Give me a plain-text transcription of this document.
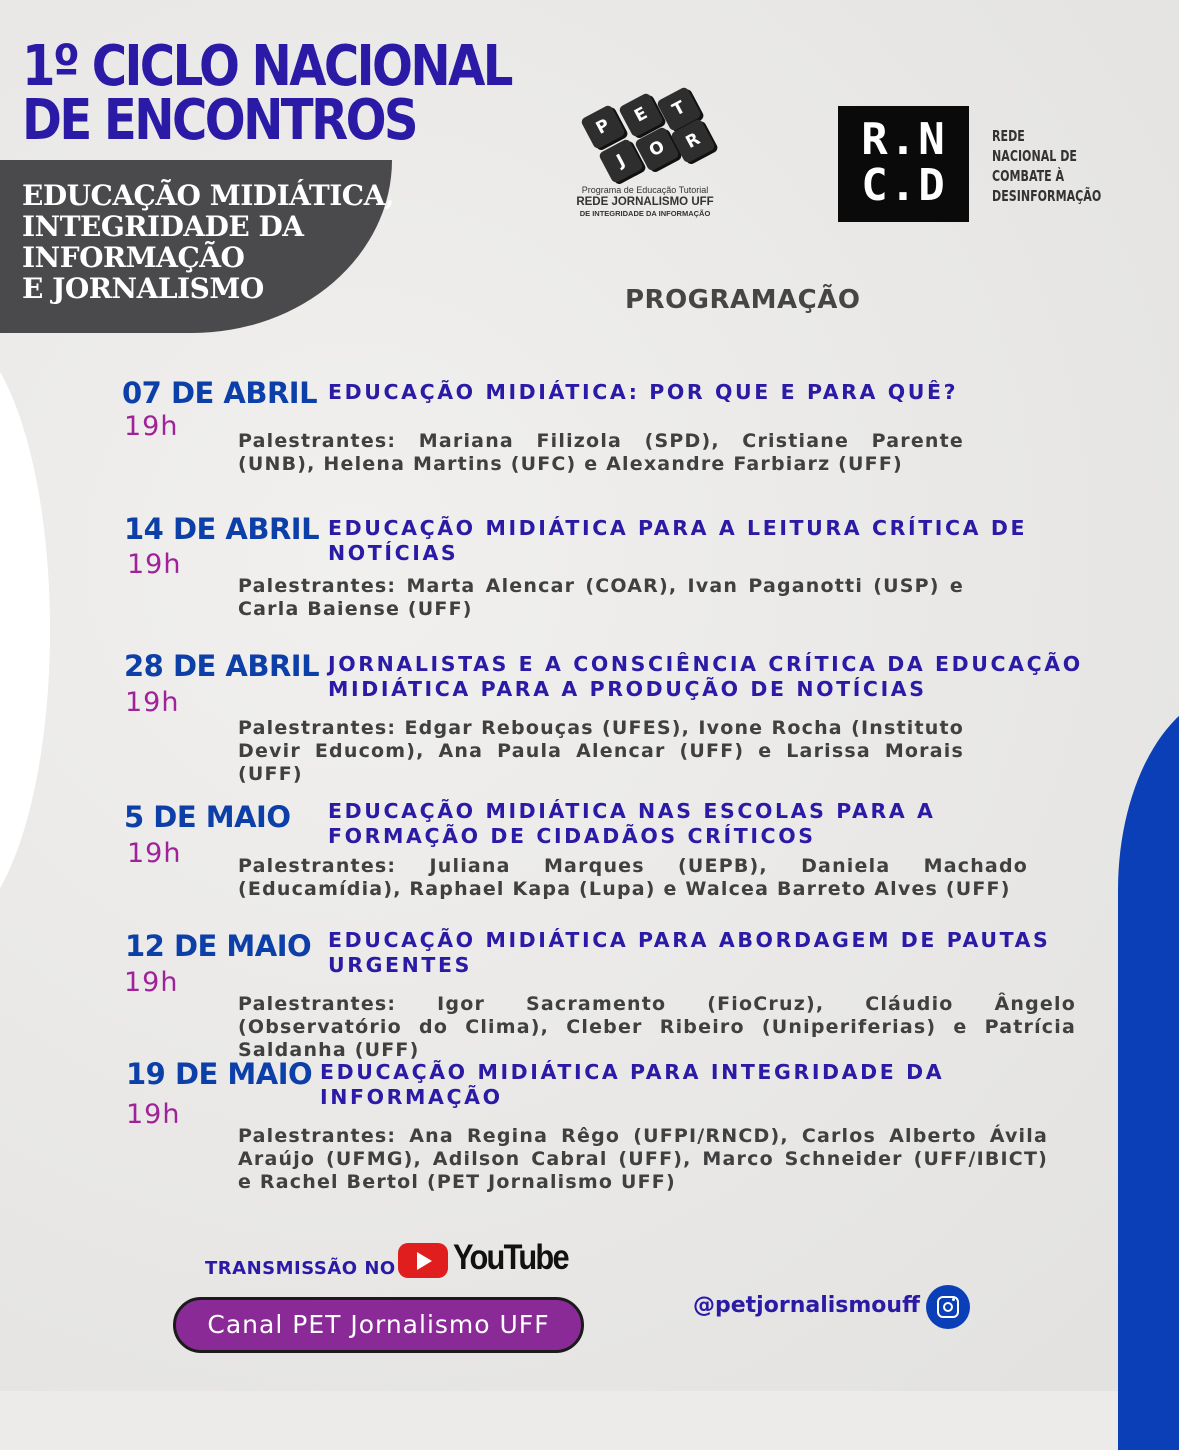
1º CICLO NACIONAL
DE ENCONTROS

EDUCAÇÃO MIDIÁTICA,
INTEGRIDADE DA
INFORMAÇÃO
E JORNALISMO

P
E	T
J	O R
Programa de Educação Tutorial
REDE JORNALISMO UFF
DE INTEGRIDADE DA INFORMAÇÃO
R.N
C.D

REDE
NACIONAL DE
COMBATE À
DESINFORMAÇÃO

PROGRAMAÇÃO
07 DE ABRIL
19h

EDUCAÇÃO MIDIÁTICA: POR QUE E PARA QUÊ?

Palestrantes: Mariana Filizola (SPD), Cristiane Parente (UNB), Helena Martins (UFC) e Alexandre Farbiarz (UFF)

14 DE ABRIL
19h

EDUCAÇÃO MIDIÁTICA PARA A LEITURA CRÍTICA DE NOTÍCIAS

Palestrantes: Marta Alencar (COAR), Ivan Paganotti (USP) e Carla Baiense (UFF)

28 DE ABRIL
19h

JORNALISTAS E A CONSCIÊNCIA CRÍTICA DA EDUCAÇÃO MIDIÁTICA PARA A PRODUÇÃO DE NOTÍCIAS

Palestrantes: Edgar Rebouças (UFES), Ivone Rocha (Instituto Devir Educom), Ana Paula Alencar (UFF) e Larissa Morais (UFF)

5 DE MAIO
19h

EDUCAÇÃO MIDIÁTICA NAS ESCOLAS PARA A FORMAÇÃO DE CIDADÃOS CRÍTICOS

Palestrantes: Juliana Marques (UEPB), Daniela Machado (Educamídia), Raphael Kapa (Lupa) e Walcea Barreto Alves (UFF)

12 DE MAIO
19h

EDUCAÇÃO MIDIÁTICA PARA ABORDAGEM DE PAUTAS URGENTES

Palestrantes: Igor Sacramento (FioCruz), Cláudio Ângelo (Observatório do Clima), Cleber Ribeiro (Uniperiferias) e Patrícia Saldanha (UFF)

19 DE MAIO
19h

EDUCAÇÃO MIDIÁTICA PARA INTEGRIDADE DA INFORMAÇÃO

Palestrantes: Ana Regina Rêgo (UFPI/RNCD), Carlos Alberto Ávila Araújo (UFMG), Adilson Cabral (UFF), Marco Schneider (UFF/IBICT) e Rachel Bertol (PET Jornalismo UFF)

TRANSMISSÃO NO YouTube
Canal PET Jornalismo UFF
@petjornalismouff
